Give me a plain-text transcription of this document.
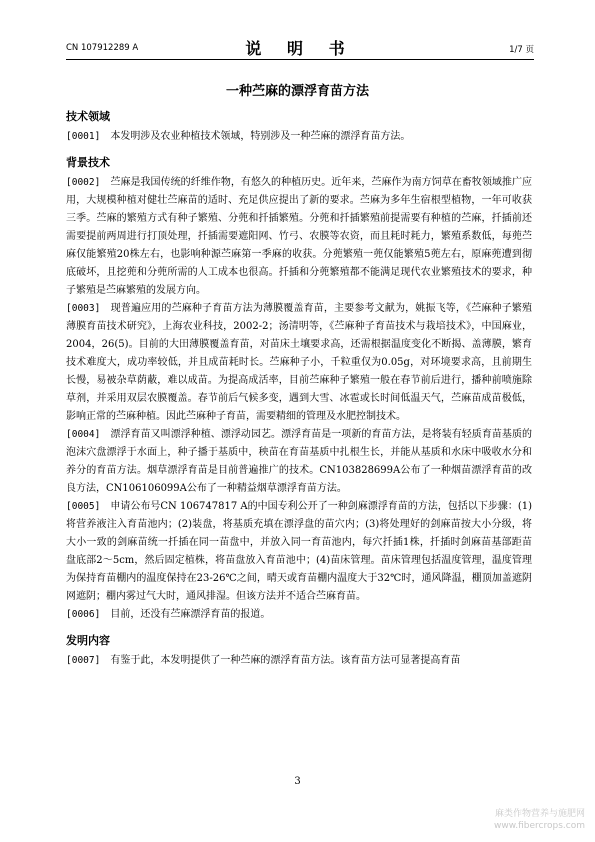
CN 107912289 A	说 明 书	1/7 页
一种苎麻的漂浮育苗方法
技术领域

[0001]　 本发明涉及农业种植技术领域，特别涉及一种苎麻的漂浮育苗方法。

背景技术

[0002]　 苎麻是我国传统的纤维作物，有悠久的种植历史。近年来，苎麻作为南方饲草在畜牧领域推广应用，大规模种植对健壮苎麻苗的适时、充足供应提出了新的要求。苎麻为多年生宿根型植物，一年可收获三季。苎麻的繁殖方式有种子繁殖、分蔸和扦插繁殖。分蔸和扦插繁殖前提需要有种植的苎麻，扦插前还需要提前两周进行打顶处理，扦插需要遮阳网、竹弓、农膜等农资，而且耗时耗力，繁殖系数低，每蔸苎麻仅能繁殖20株左右，也影响种源苎麻第一季麻的收获。分蔸繁殖一蔸仅能繁殖5蔸左右，原麻蔸遭到彻底破坏，且挖蔸和分蔸所需的人工成本也很高。扦插和分蔸繁殖都不能满足现代农业繁殖技术的要求，种子繁殖是苎麻繁殖的发展方向。

[0003]　 现普遍应用的苎麻种子育苗方法为薄膜覆盖育苗，主要参考文献为，姚振飞等，《苎麻种子繁殖薄膜育苗技术研究》，上海农业科技，2002-2；汤清明等，《苎麻种子育苗技术与栽培技术》，中国麻业，2004，26(5)。目前的大田薄膜覆盖育苗，对苗床土壤要求高，还需根据温度变化不断揭、盖薄膜，繁育技术难度大，成功率较低，并且成苗耗时长。苎麻种子小，千粒重仅为0.05g，对环境要求高，且前期生长慢，易被杂草荫蔽，难以成苗。为提高成活率，目前苎麻种子繁殖一般在春节前后进行，播种前喷施除草剂，并采用双层农膜覆盖。春节前后气候多变，遇到大雪、冰雹或长时间低温天气，苎麻苗成苗极低，影响正常的苎麻种植。因此苎麻种子育苗，需要精细的管理及水肥控制技术。

[0004]　 漂浮育苗又叫漂浮种植、漂浮动园艺。漂浮育苗是一项新的育苗方法，是将装有轻质育苗基质的泡沫穴盘漂浮于水面上，种子播于基质中，秧苗在育苗基质中扎根生长，并能从基质和水床中吸收水分和养分的育苗方法。烟草漂浮育苗是目前普遍推广的技术。CN103828699A公布了一种烟苗漂浮育苗的改良方法，CN106106099A公布了一种精益烟草漂浮育苗方法。

[0005]　 申请公布号CN 106747817 A的中国专利公开了一种剑麻漂浮育苗的方法，包括以下步骤：(1)将营养液注入育苗池内；(2)装盘，将基质充填在漂浮盘的苗穴内；(3)将处理好的剑麻苗按大小分级，将大小一致的剑麻苗统一扦插在同一苗盘中，并放入同一育苗池内，每穴扦插1株，扦插时剑麻苗基部距苗盘底部2～5cm，然后固定植株，将苗盘放入育苗池中；(4)苗床管理。苗床管理包括温度管理，温度管理为保持育苗棚内的温度保持在23-26℃之间，晴天或育苗棚内温度大于32℃时，通风降温，棚顶加盖遮阴网遮阴；棚内雾过气大时，通风排湿。但该方法并不适合苎麻育苗。

[0006]　 目前，还没有苎麻漂浮育苗的报道。

发明内容

[0007]　 有鉴于此，本发明提供了一种苎麻的漂浮育苗方法。该育苗方法可显著提高育苗

3
麻类作物营养与施肥网
www.fibercrops.com
